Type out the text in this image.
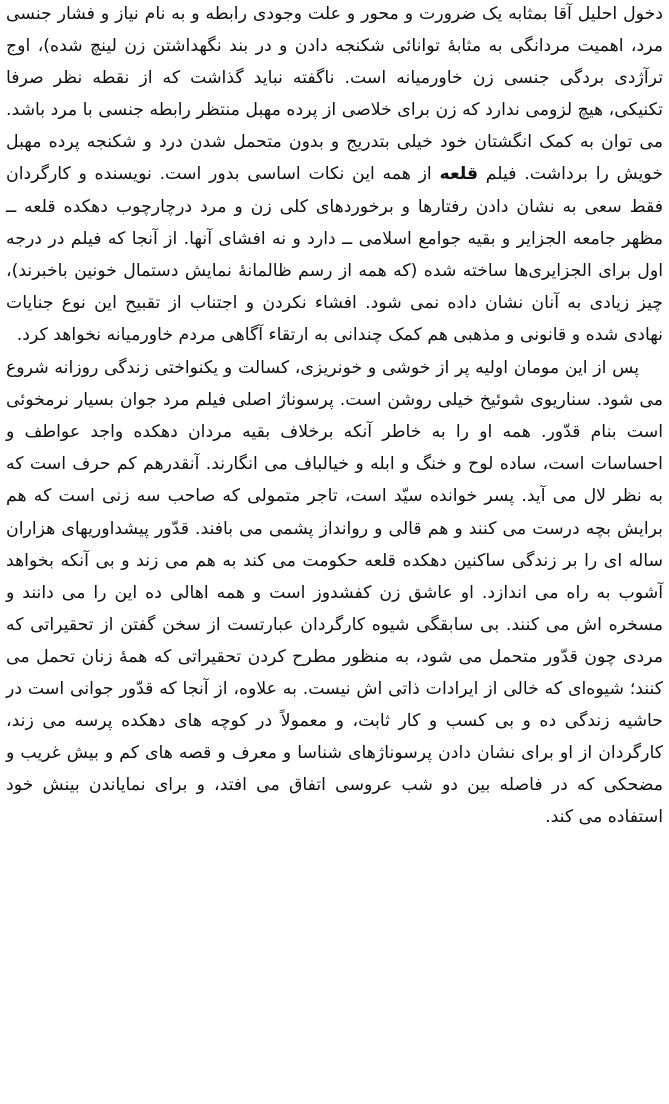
دخول احلیل آقا بمثابه یک ضرورت و محور و علت وجودی رابطه و به نام نیاز و فشار جنسی مرد، اهمیت مردانگی به مثابهٔ توانائی شکنجه دادن و در بند نگهداشتن زن لینچ شده)، اوج ترآژدی بردگی جنسی زن خاورمیانه است. ناگفته نباید گذاشت که از نقطه نظر صرفا تکنیکی، هیچ لزومی ندارد که زن برای خلاصی از پرده مهبل منتظر رابطه جنسی با مرد باشد. می توان به کمک انگشتان خود خیلی بتدریج و بدون متحمل شدن درد و شکنجه پرده مهبل خویش را برداشت. فیلم قلعه از همه این نکات اساسی بدور است. نویسنده و کارگردان فقط سعی به نشان دادن رفتارها و برخوردهای کلی زن و مرد درچارچوب دهکده قلعه ــ مظهر جامعه الجزایر و بقیه جوامع اسلامی ــ دارد و نه افشای آنها. از آنجا که فیلم در درجه اول برای الجزایری‌ها ساخته شده (که همه از رسم ظالمانهٔ نمایش دستمال خونین باخبرند)، چیز زیادی به آنان نشان داده نمی شود. افشاء نکردن و اجتناب از تقبیح این نوع جنایات نهادی شده و قانونی و مذهبی هم کمک چندانی به ارتقاء آگاهی مردم خاورمیانه نخواهد کرد.

پس از این مومان اولیه پر از خوشی و خونریزی، کسالت و یکنواختی زندگی روزانه شروع می شود. سناریوی شوئیخ خیلی روشن است. پرسوناژ اصلی فیلم مرد جوان بسیار نرمخوئی است بنام قدّور. همه او را به خاطر آنکه برخلاف بقیه مردان دهکده واجد عواطف و احساسات است، ساده لوح و خنگ و ابله و خیالباف می انگارند. آنقدرهم کم حرف است که به نظر لال می آید. پسر خوانده سیّد است، تاجر متمولی که صاحب سه زنی است که هم برایش بچه درست می کنند و هم قالی و روانداز پشمی می بافند. قدّور پیشداوریهای هزاران ساله ای را بر زندگی ساکنین دهکده قلعه حکومت می کند به هم می زند و بی آنکه بخواهد آشوب به راه می اندازد. او عاشق زن کفشدوز است و همه اهالی ده این را می دانند و مسخره اش می کنند. بی سابقگی شیوه کارگردان عبارتست از سخن گفتن از تحقیراتی که مردی چون قدّور متحمل می شود، به منظور مطرح کردن تحقیراتی که همهٔ زنان تحمل می کنند؛ شیوه‌ای که خالی از ایرادات ذاتی اش نیست. به علاوه، از آنجا که قدّور جوانی است در حاشیه زندگی ده و بی کسب و کار ثابت، و معمولاً در کوچه های دهکده پرسه می زند، کارگردان از او برای نشان دادن پرسوناژهای شناسا و معرف و قصه های کم و بیش غریب و مضحکی که در فاصله بین دو شب عروسی اتفاق می افتد، و برای نمایاندن بینش خود استفاده می کند.
